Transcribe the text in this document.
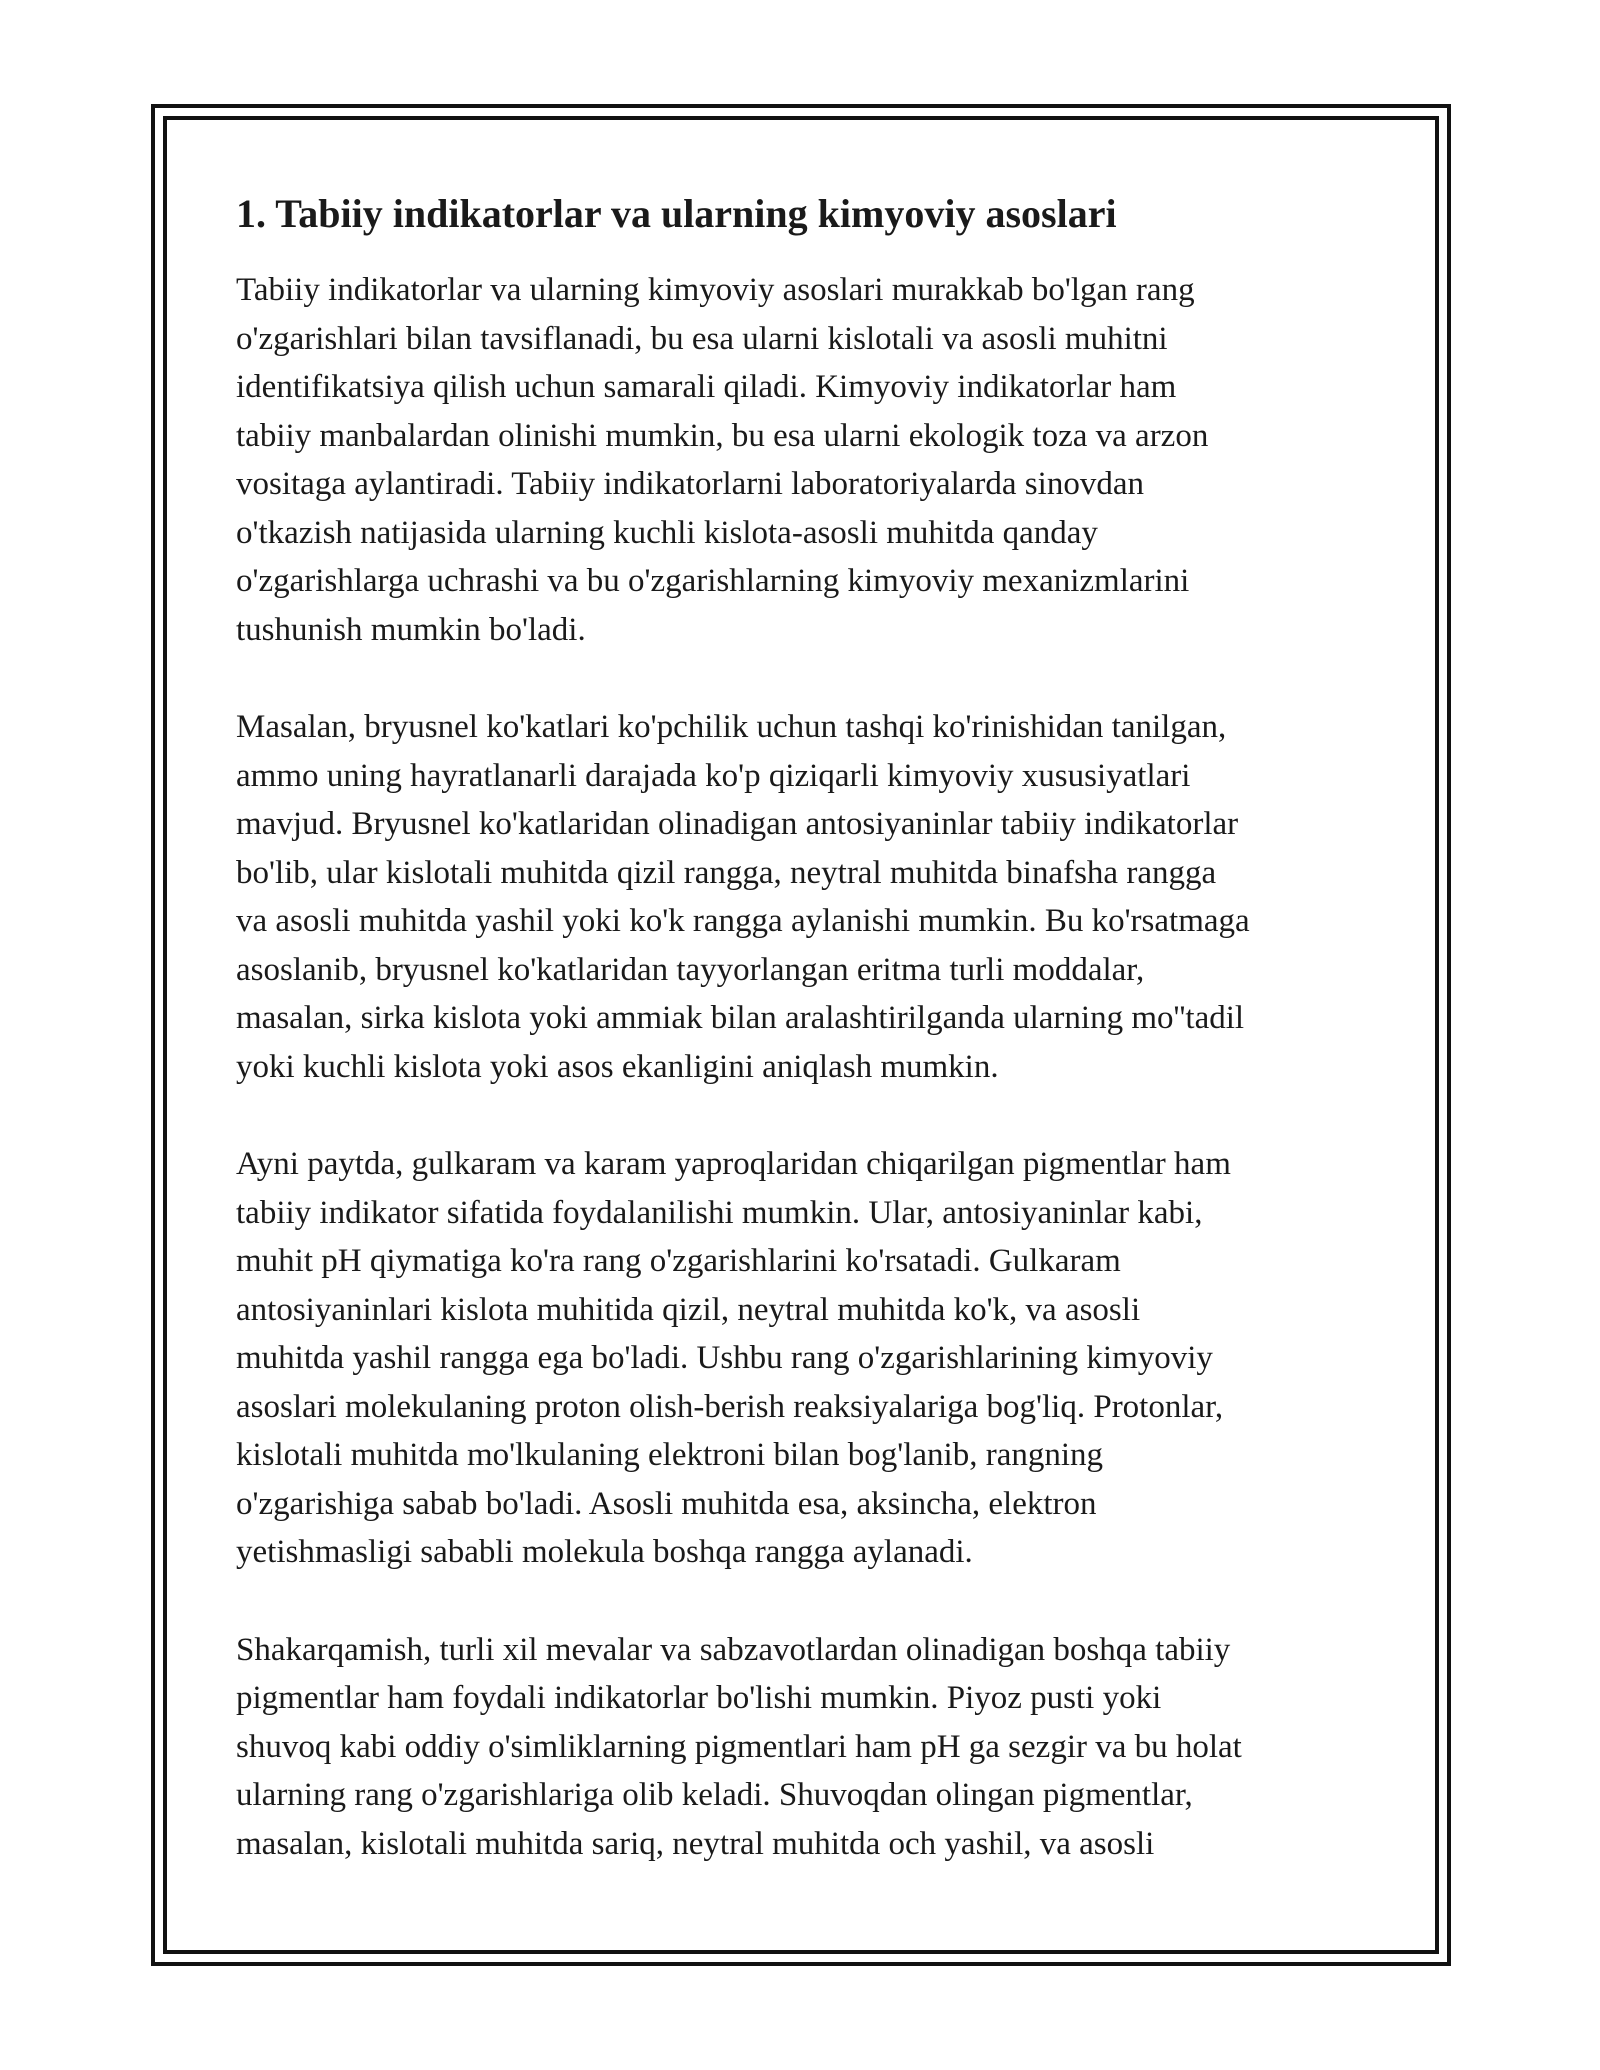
1. Tabiiy indikatorlar va ularning kimyoviy asoslari

Tabiiy indikatorlar va ularning kimyoviy asoslari murakkab bo'lgan rang
o'zgarishlari bilan tavsiflanadi, bu esa ularni kislotali va asosli muhitni
identifikatsiya qilish uchun samarali qiladi. Kimyoviy indikatorlar ham
tabiiy manbalardan olinishi mumkin, bu esa ularni ekologik toza va arzon
vositaga aylantiradi. Tabiiy indikatorlarni laboratoriyalarda sinovdan
o'tkazish natijasida ularning kuchli kislota-asosli muhitda qanday
o'zgarishlarga uchrashi va bu o'zgarishlarning kimyoviy mexanizmlarini
tushunish mumkin bo'ladi.

Masalan, bryusnel ko'katlari ko'pchilik uchun tashqi ko'rinishidan tanilgan,
ammo uning hayratlanarli darajada ko'p qiziqarli kimyoviy xususiyatlari
mavjud. Bryusnel ko'katlaridan olinadigan antosiyaninlar tabiiy indikatorlar
bo'lib, ular kislotali muhitda qizil rangga, neytral muhitda binafsha rangga
va asosli muhitda yashil yoki ko'k rangga aylanishi mumkin. Bu ko'rsatmaga
asoslanib, bryusnel ko'katlaridan tayyorlangan eritma turli moddalar,
masalan, sirka kislota yoki ammiak bilan aralashtirilganda ularning mo''tadil
yoki kuchli kislota yoki asos ekanligini aniqlash mumkin.

Ayni paytda, gulkaram va karam yaproqlaridan chiqarilgan pigmentlar ham
tabiiy indikator sifatida foydalanilishi mumkin. Ular, antosiyaninlar kabi,
muhit pH qiymatiga ko'ra rang o'zgarishlarini ko'rsatadi. Gulkaram
antosiyaninlari kislota muhitida qizil, neytral muhitda ko'k, va asosli
muhitda yashil rangga ega bo'ladi. Ushbu rang o'zgarishlarining kimyoviy
asoslari molekulaning proton olish-berish reaksiyalariga bog'liq. Protonlar,
kislotali muhitda mo'lkulaning elektroni bilan bog'lanib, rangning
o'zgarishiga sabab bo'ladi. Asosli muhitda esa, aksincha, elektron
yetishmasligi sababli molekula boshqa rangga aylanadi.

Shakarqamish, turli xil mevalar va sabzavotlardan olinadigan boshqa tabiiy
pigmentlar ham foydali indikatorlar bo'lishi mumkin. Piyoz pusti yoki
shuvoq kabi oddiy o'simliklarning pigmentlari ham pH ga sezgir va bu holat
ularning rang o'zgarishlariga olib keladi. Shuvoqdan olingan pigmentlar,
masalan, kislotali muhitda sariq, neytral muhitda och yashil, va asosli
